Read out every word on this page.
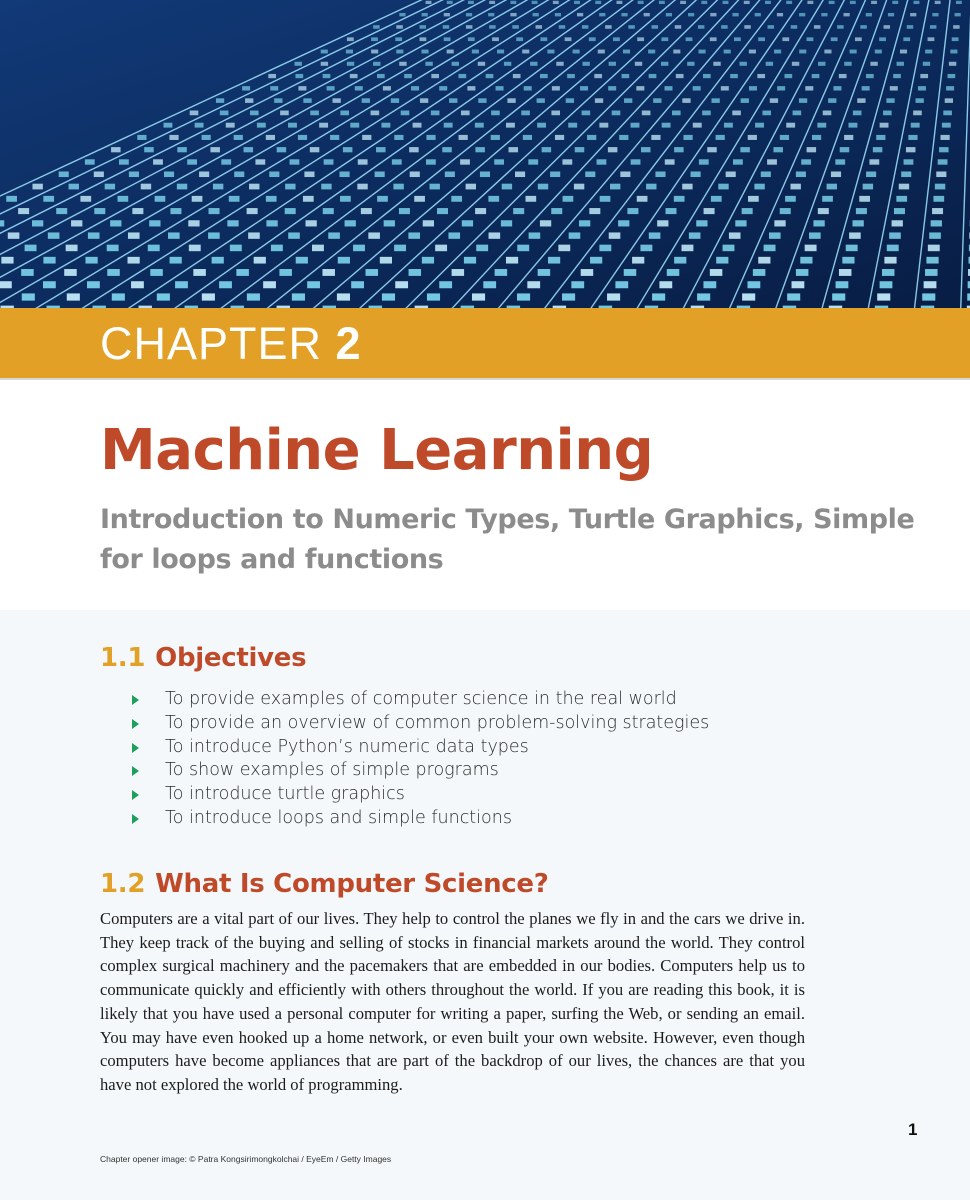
CHAPTER 2
Machine Learning
Introduction to Numeric Types, Turtle Graphics, Simple for loops and functions
1.1 Objectives
To provide examples of computer science in the real world
To provide an overview of common problem-solving strategies
To introduce Python’s numeric data types
To show examples of simple programs
To introduce turtle graphics
To introduce loops and simple functions
1.2 What Is Computer Science?

Computers are a vital part of our lives. They help to control the planes we fly in and the cars we drive in. They keep track of the buying and selling of stocks in financial markets around the world. They control complex surgical machinery and the pacemakers that are embedded in our bodies. Computers help us to communicate quickly and efficiently with others throughout the world. If you are reading this book, it is likely that you have used a personal computer for writing a paper, surfing the Web, or sending an email. You may have even hooked up a home network, or even built your own website. However, even though computers have become appliances that are part of the backdrop of our lives, the chances are that you have not explored the world of programming.

1
Chapter opener image: © Patra Kongsirimongkolchai / EyeEm / Getty Images
